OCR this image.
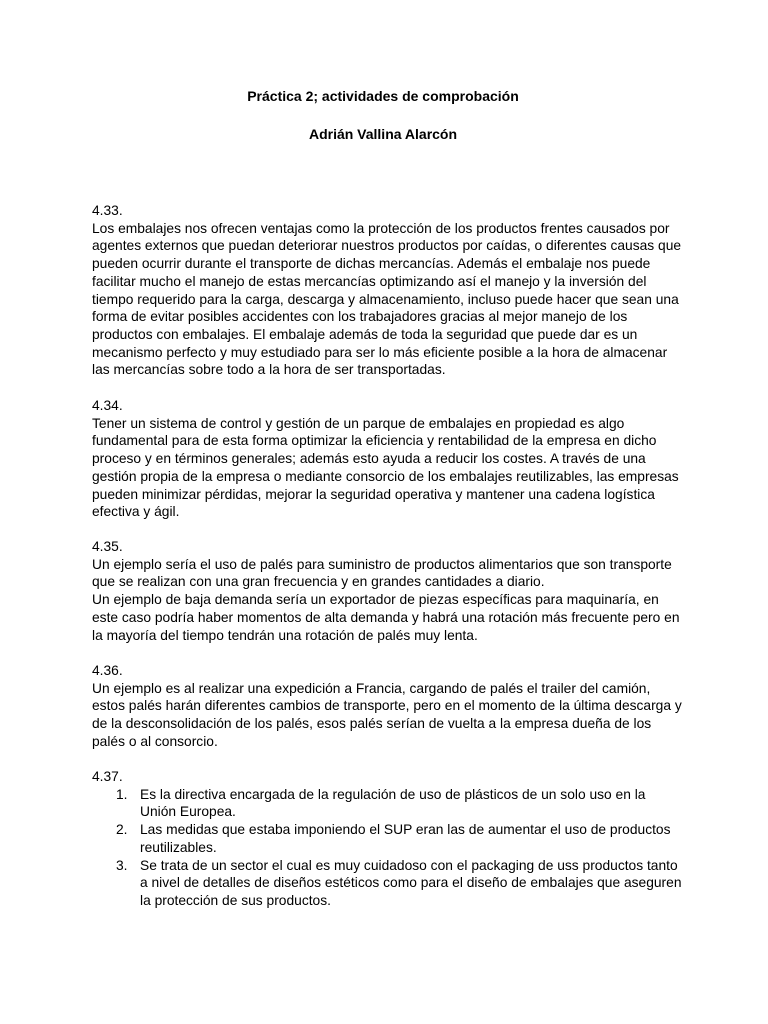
Práctica 2; actividades de comprobación
Adrián Vallina Alarcón
4.33.

Los embalajes nos ofrecen ventajas como la protección de los productos frentes causados por agentes externos que puedan deteriorar nuestros productos por caídas, o diferentes causas que pueden ocurrir durante el transporte de dichas mercancías. Además el embalaje nos puede facilitar mucho el manejo de estas mercancías optimizando así el manejo y la inversión del tiempo requerido para la carga, descarga y almacenamiento, incluso puede hacer que sean una forma de evitar posibles accidentes con los trabajadores gracias al mejor manejo de los productos con embalajes. El embalaje además de toda la seguridad que puede dar es un mecanismo perfecto y muy estudiado para ser lo más eficiente posible a la hora de almacenar las mercancías sobre todo a la hora de ser transportadas.

4.34.

Tener un sistema de control y gestión de un parque de embalajes en propiedad es algo fundamental para de esta forma optimizar la eficiencia y rentabilidad de la empresa en dicho proceso y en términos generales; además esto ayuda a reducir los costes. A través de una gestión propia de la empresa o mediante consorcio de los embalajes reutilizables, las empresas pueden minimizar pérdidas, mejorar la seguridad operativa y mantener una cadena logística efectiva y ágil.

4.35.

Un ejemplo sería el uso de palés para suministro de productos alimentarios que son transporte que se realizan con una gran frecuencia y en grandes cantidades a diario.

Un ejemplo de baja demanda sería un exportador de piezas específicas para maquinaría, en este caso podría haber momentos de alta demanda y habrá una rotación más frecuente pero en la mayoría del tiempo tendrán una rotación de palés muy lenta.

4.36.

Un ejemplo es al realizar una expedición a Francia, cargando de palés el trailer del camión, estos palés harán diferentes cambios de transporte, pero en el momento de la última descarga y de la desconsolidación de los palés, esos palés serían de vuelta a la empresa dueña de los palés o al consorcio.

4.37.
1. Es la directiva encargada de la regulación de uso de plásticos de un solo uso en la Unión Europea.
2. Las medidas que estaba imponiendo el SUP eran las de aumentar el uso de productos reutilizables.
3. Se trata de un sector el cual es muy cuidadoso con el packaging de uss productos tanto a nivel de detalles de diseños estéticos como para el diseño de embalajes que aseguren la protección de sus productos.
